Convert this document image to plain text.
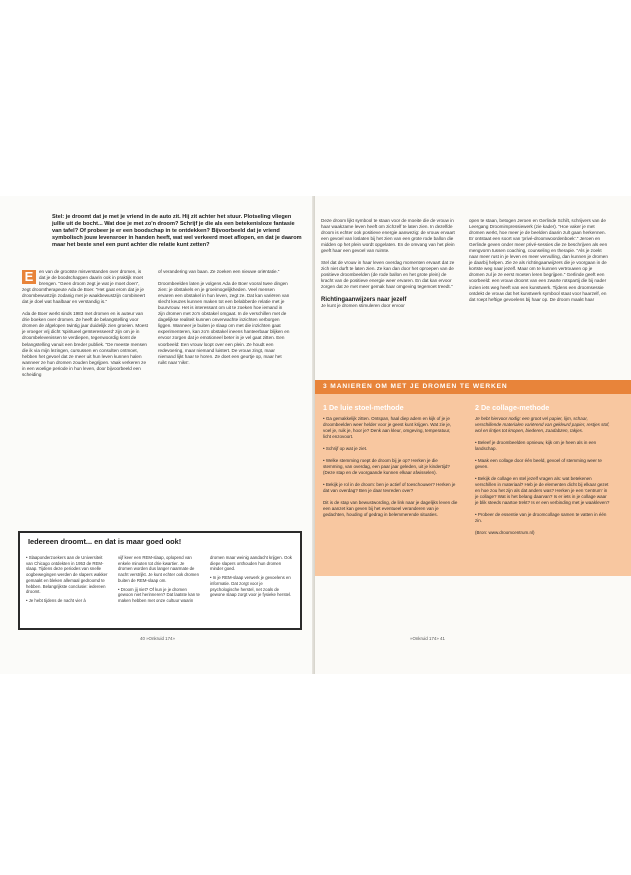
Stel: je droomt dat je met je vriend in de auto zit. Hij zit achter het stuur. Plotseling vliegen jullie uit de bocht... Wat doe je met zo'n droom? Schrijf je die als een betekenisloze fantasie van tafel? Of probeer je er een boodschap in te ontdekken? Bijvoorbeeld dat je vriend symbolisch jouw levensroer in handen heeft, wat wel verkeerd moet aflopen, en dat je daarom maar het beste snel een punt achter die relatie kunt zetten?

E	en van de grootste misverstanden over dromen, is dat je de boodschappen daarin ook in praktijk moet brengen. "Geen droom zegt je wat je moet doen", zegt droomtherapeute Ada de Boer. "Het gaat erom dat je je droombewustzijn zodanig met je waakbewustzijn combineert dat je doel wat haalbaar en verstandig is."

Ada de Boer werkt sinds 1983 met dromen en is auteur van drie boeken over dromen. Ze heeft de belangstelling voor dromen de afgelopen twintig jaar duidelijk zien groeien. Moest je vroeger vrij dicht 'spiritueel geïnteresseerd' zijn om je in droombelevenissen te verdiepen, tegenwoordig komt de belangstelling vanuit een breder publiek. "De meeste mensen die ik via mijn lezingen, cursussen en consulten ontmoet, hebben het gevoel dat ze meer uit hun leven kunnen halen wanneer ze hun dromen zouden begrijpen. Vaak verkeren ze in een woelige periode in hun leven, door bijvoorbeeld een scheiding

of verandering van baan. Ze zoeken een nieuwe oriëntatie."

Droombeelden laten je volgens Ada de Boer vooral twee dingen zien: je obstakels en je groeimogelijkheden. Veel mensen ervaren een obstakel in hun leven, zegt ze. Dat kan variëren van slecht keuzes kunnen maken tot een belabberde relatie met je buurvrouw. Het is interessant om uit te zoeken hoe iemand in zijn dromen met zo'n obstakel omgaat. In de verschillen met de dagelijkse realiteit kunnen onverwachte inzichten verborgen liggen. Wanneer je buiten je slaap om met die inzichten gaat experimenteren, kan zo'n obstakel ineens hanteerbaar blijken en ervoor zorgen dat je emotioneel beter in je vel gaat zitten. Een voorbeeld: Een vrouw loopt over een plein. Ze houdt een redevoering, maar niemand luistert. De vrouw zingt, maar niemand lijkt haar te horen. Ze doet een geurtje op, maar het ruikt naar 'niks'.

Iedereen droomt... en dat is maar goed ook!

• Slaaponderzoekers aan de Universiteit van Chicago ontdekten in 1953 de REM-slaap. Tijdens deze periodes van snelle oogbewegingen werden de slapers wakker gemaakt en bleken allemaal gedroomd te hebben. Belangrijkste conclusie: iedereen droomt.

• Je hebt tijdens de nacht vier à

vijf keer een REM-slaap, oplopend van enkele minuten tot drie kwartier. Je dromen worden dus langer naarmate de nacht verstrijkt. Je kunt echter ook dromen buiten de REM-slaap om.

• Droom jij niet? Of kun je je dromen gewoon niet herinneren? Dat laatste kan te maken hebben met onze cultuur waarin

dromen maar weinig aandacht krijgen. Ook diepe slapers onthouden hun dromen minder goed.

• In je REM-slaap verwerk je gevoelens en informatie. Dat zorgt voor je psychologische herstel, net zoals de gewone slaap zorgt voor je fysieke herstel.

40 »Onkruid 174»

Deze droom lijkt symbool te staan voor de moeite die de vrouw in haar waakzame leven heeft om zichzelf te laten zien. In dezelfde droom is echter ook positieve energie aanwezig: de vrouw ervaart een gevoel van loslaten bij het zien van een grote rode ballon die midden op het plein wordt opgelaten. En de omvang van het plein geeft haar een gevoel van ruimte.

Stel dat de vrouw in haar leven overdag momenten ervaart dat ze zich niet durft te laten zien. Ze kan dan door het oproepen van de positieve droombeelden (de rode ballon en het grote plein) de kracht van de positieve energie weer ervaren. En dat kan ervoor zorgen dat ze met meer gemak haar omgeving tegemoet treedt."

Richtingaanwijzers naar jezelf

Je kunt je dromen stimuleren door ervoor

open te staan, betogen Jeroen en Gerlinde Schilt, schrijvers van de Leergang Droomimpressiewerk (zie kader). "Hoe vaker je met dromen werkt, hoe meer je de beelden daarin zult gaan herkennen. Er ontstaat een soort van 'privé-droomwoordenboek'." Jeroen en Gerlinde geven onder meer privé-sessies die ze beschrijven als een mengvorm tussen coaching, counseling en therapie. "Als je zoekt naar meer rust in je leven en meer vervulling, dan kunnen je dromen je daarbij helpen. Zie ze als richtingaanwijzers die je voorgaan in de kortste weg naar jezelf. Maar om te kunnen vertrouwen op je dromen zul je ze eerst moeten leren begrijpen." Gerlinde geeft een voorbeeld: een vrouw droomt van een zwarte rotspartij die bij nader inzien iets weg heeft van een kunstwerk. Tijdens een droomsessie ontdekt de vrouw dat het kunstwerk symbool staat voor haarzelf, en dat roept heftige gevoelens bij haar op. De droom maakt haar

3 MANIEREN OM MET JE DROMEN TE WERKEN

1 De luie stoel-methode

• Ga gemakkelijk zitten. Ontspan, haal diep adem en kijk of je je droombeelden weer helder voor je geest kunt krijgen. Wat zie je, voel je, ruik je, hoor je? Denk aan kleur, omgeving, temperatuur, licht enzovoort.

• Schrijf op wat je ziet.

• Welke stemming roept de droom bij je op? Herken je die stemming, van overdag, een paar jaar geleden, uit je kindertijd? (Deze stap en de voorgaande kunnen elkaar afwisselen).

• Bekijk je rol in de droom: ben je actief of toeschouwer? Herken je dat van overdag? Ben je daar tevreden over?

Dit is de stap van bewustwording, de link naar je dagelijks leven die een aanzet kan geven bij het eventueel veranderen van je gedachten, houding of gedrag in belemmerende situaties.

2 De collage-methode

Je hebt hiervoor nodig: een groot vel papier, lijm, schaar, verschillende materialen variërend van gekleurd papier, restjes stof, wol en lintjes tot knopen, biederen, zaadabzen, takjes.

• Beleef je droombeelden opnieuw, kijk om je heen als in een landschap.

• Maak een collage door één beeld, gevoel of stemming weer te geven.

• Bekijk de collage en stel jezelf vragen als: wat betekenen verschillen in materiaal? Heb je de elementen dicht bij elkaar gezet en hoe zou het zijn als dat anders was? Herken je een 'centrum' in je collage? Wat is het belang daarvan? Is er iets in je collage waar je blik steeds naartoe trekt? Is er een verbinding met je waakleven?

• Probeer de essentie van je droomcollage samen te vatten in één zin.

(Bron: www.droomcentrum.nl)

»Onkruid 174» 41
